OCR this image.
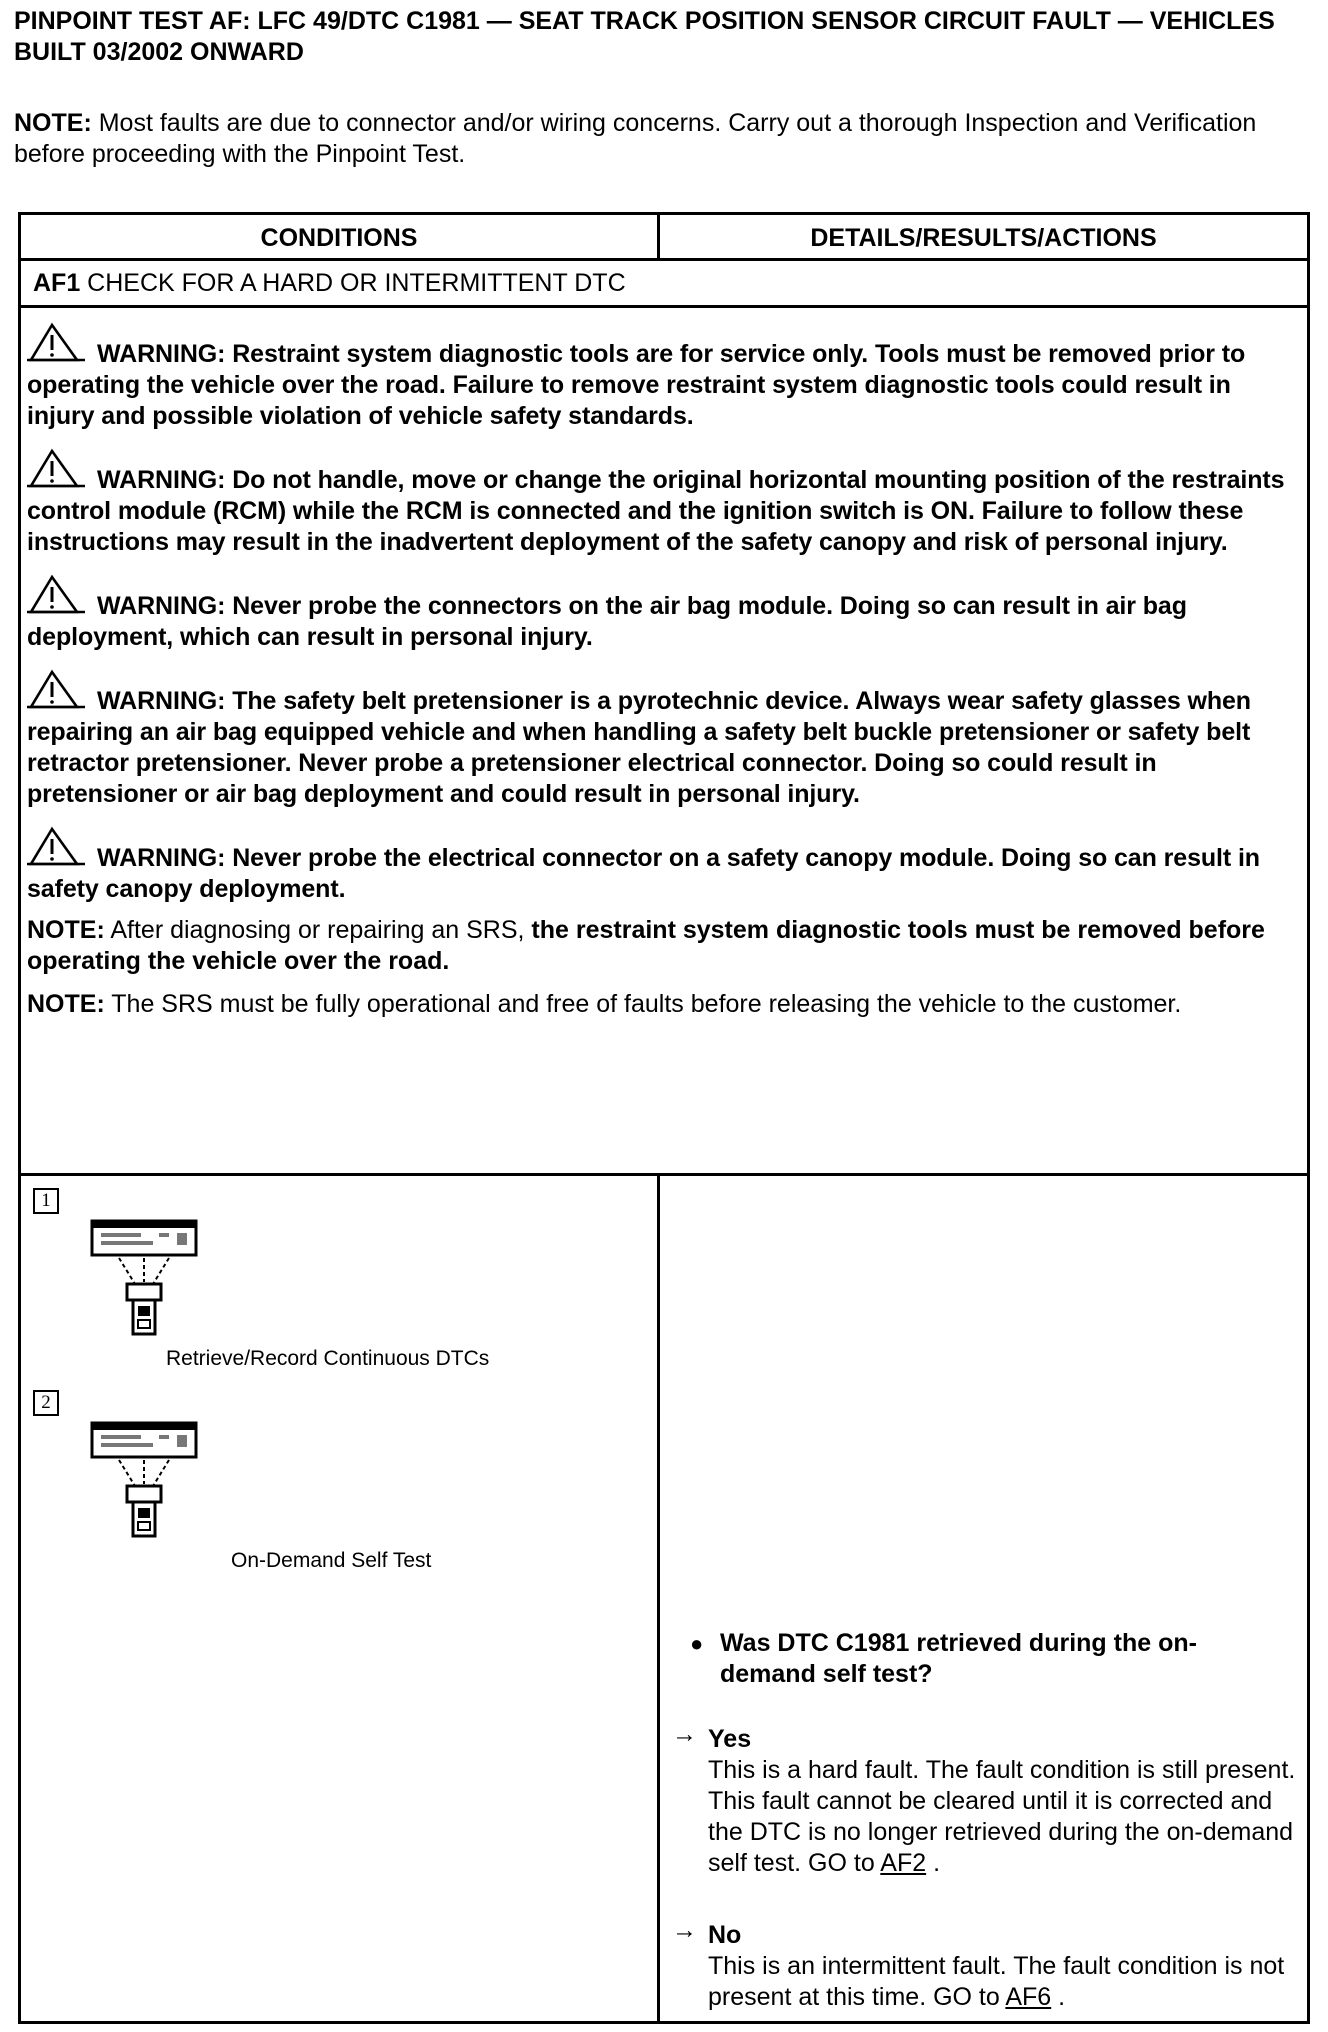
PINPOINT TEST AF: LFC 49/DTC C1981 — SEAT TRACK POSITION SENSOR CIRCUIT FAULT — VEHICLES BUILT 03/2002 ONWARD

NOTE: Most faults are due to connector and/or wiring concerns. Carry out a thorough Inspection and Verification before proceeding with the Pinpoint Test.

CONDITIONS	DETAILS/RESULTS/ACTIONS
AF1 CHECK FOR A HARD OR INTERMITTENT DTC

WARNING: Restraint system diagnostic tools are for service only. Tools must be removed prior to operating the vehicle over the road. Failure to remove restraint system diagnostic tools could result in injury and possible violation of vehicle safety standards.

WARNING: Do not handle, move or change the original horizontal mounting position of the restraints control module (RCM) while the RCM is connected and the ignition switch is ON. Failure to follow these instructions may result in the inadvertent deployment of the safety canopy and risk of personal injury.

WARNING: Never probe the connectors on the air bag module. Doing so can result in air bag deployment, which can result in personal injury.

WARNING: The safety belt pretensioner is a pyrotechnic device. Always wear safety glasses when repairing an air bag equipped vehicle and when handling a safety belt buckle pretensioner or safety belt retractor pretensioner. Never probe a pretensioner electrical connector. Doing so could result in pretensioner or air bag deployment and could result in personal injury.

WARNING: Never probe the electrical connector on a safety canopy module. Doing so can result in safety canopy deployment.

NOTE: After diagnosing or repairing an SRS, the restraint system diagnostic tools must be removed before operating the vehicle over the road.

NOTE: The SRS must be fully operational and free of faults before releasing the vehicle to the customer.

1
Retrieve/Record Continuous DTCs
2
On-Demand Self Test

● Was DTC C1981 retrieved during the on-demand self test?

→ Yes

This is a hard fault. The fault condition is still present. This fault cannot be cleared until it is corrected and the DTC is no longer retrieved during the on-demand self test. GO to AF2 .

→ No

This is an intermittent fault. The fault condition is not present at this time. GO to AF6 .
